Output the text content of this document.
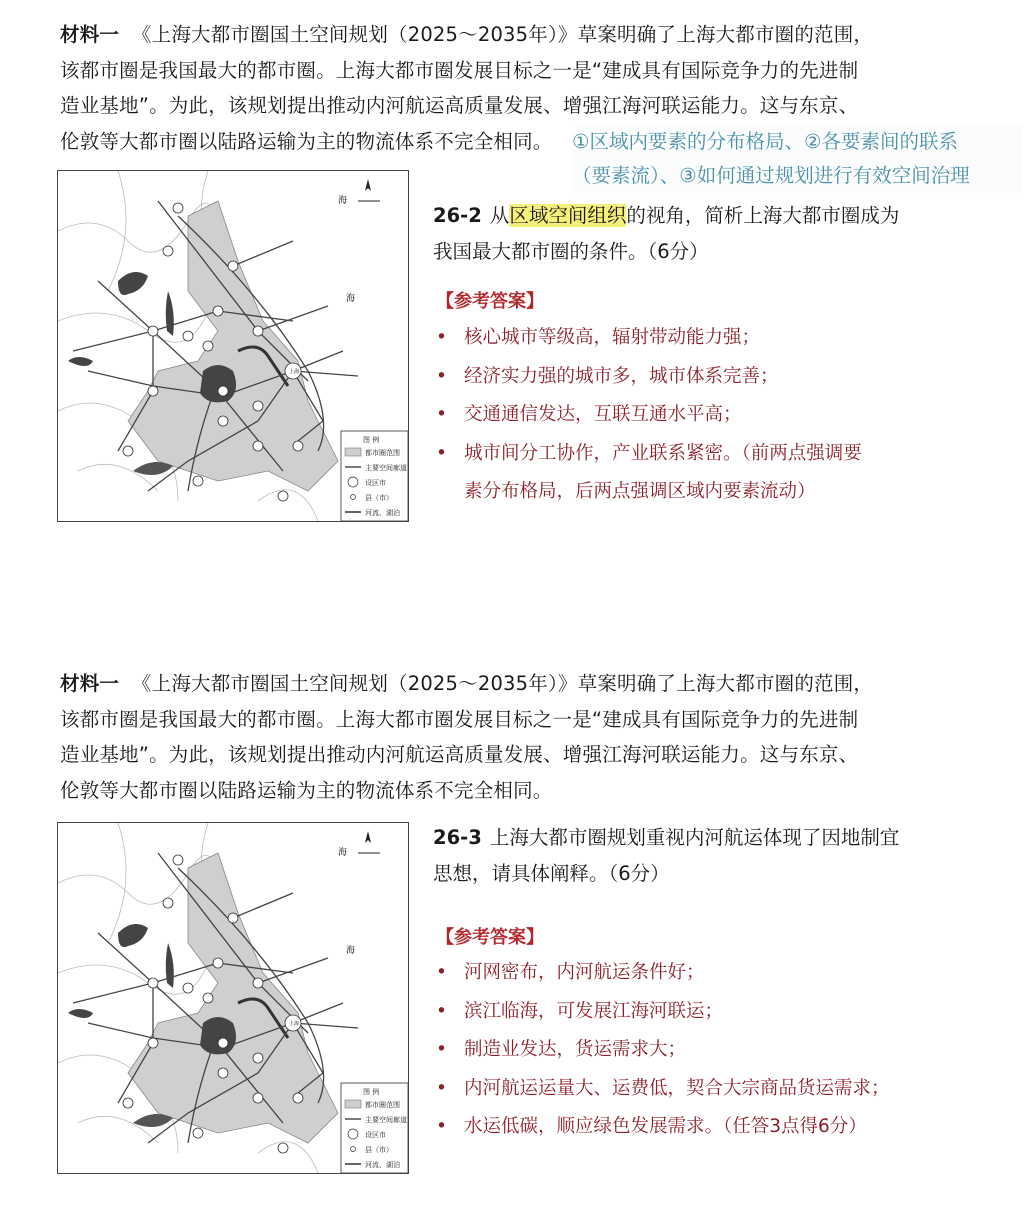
材料一 《上海大都市圈国土空间规划（2025～2035年）》草案明确了上海大都市圈的范围，
该都市圈是我国最大的都市圈。上海大都市圈发展目标之一是“建成具有国际竞争力的先进制
造业基地”。为此，该规划提出推动内河航运高质量发展、增强江海河联运能力。这与东京、
伦敦等大都市圈以陆路运输为主的物流体系不完全相同。 ①区域内要素的分布格局、②各要素间的联系
（要素流）、③如何通过规划进行有效空间治理
海
海
上海
图 例
都市圈范围
主要空间廊道
设区市
县（市）
河流、湖泊
26-2 从区域空间组织的视角，简析上海大都市圈成为
我国最大都市圈的条件。（6分）
【参考答案】
• 核心城市等级高，辐射带动能力强；
• 经济实力强的城市多，城市体系完善；
• 交通通信发达，互联互通水平高；
• 城市间分工协作，产业联系紧密。（前两点强调要
素分布格局，后两点强调区域内要素流动）
材料一 《上海大都市圈国土空间规划（2025～2035年）》草案明确了上海大都市圈的范围，
该都市圈是我国最大的都市圈。上海大都市圈发展目标之一是“建成具有国际竞争力的先进制
造业基地”。为此，该规划提出推动内河航运高质量发展、增强江海河联运能力。这与东京、
伦敦等大都市圈以陆路运输为主的物流体系不完全相同。
海
海
上海
图 例
都市圈范围
主要空间廊道
设区市
县（市）
河流、湖泊
26-3 上海大都市圈规划重视内河航运体现了因地制宜
思想，请具体阐释。（6分）
【参考答案】
• 河网密布，内河航运条件好；
• 滨江临海，可发展江海河联运；
• 制造业发达，货运需求大；
• 内河航运运量大、运费低，契合大宗商品货运需求；
• 水运低碳，顺应绿色发展需求。（任答3点得6分）
